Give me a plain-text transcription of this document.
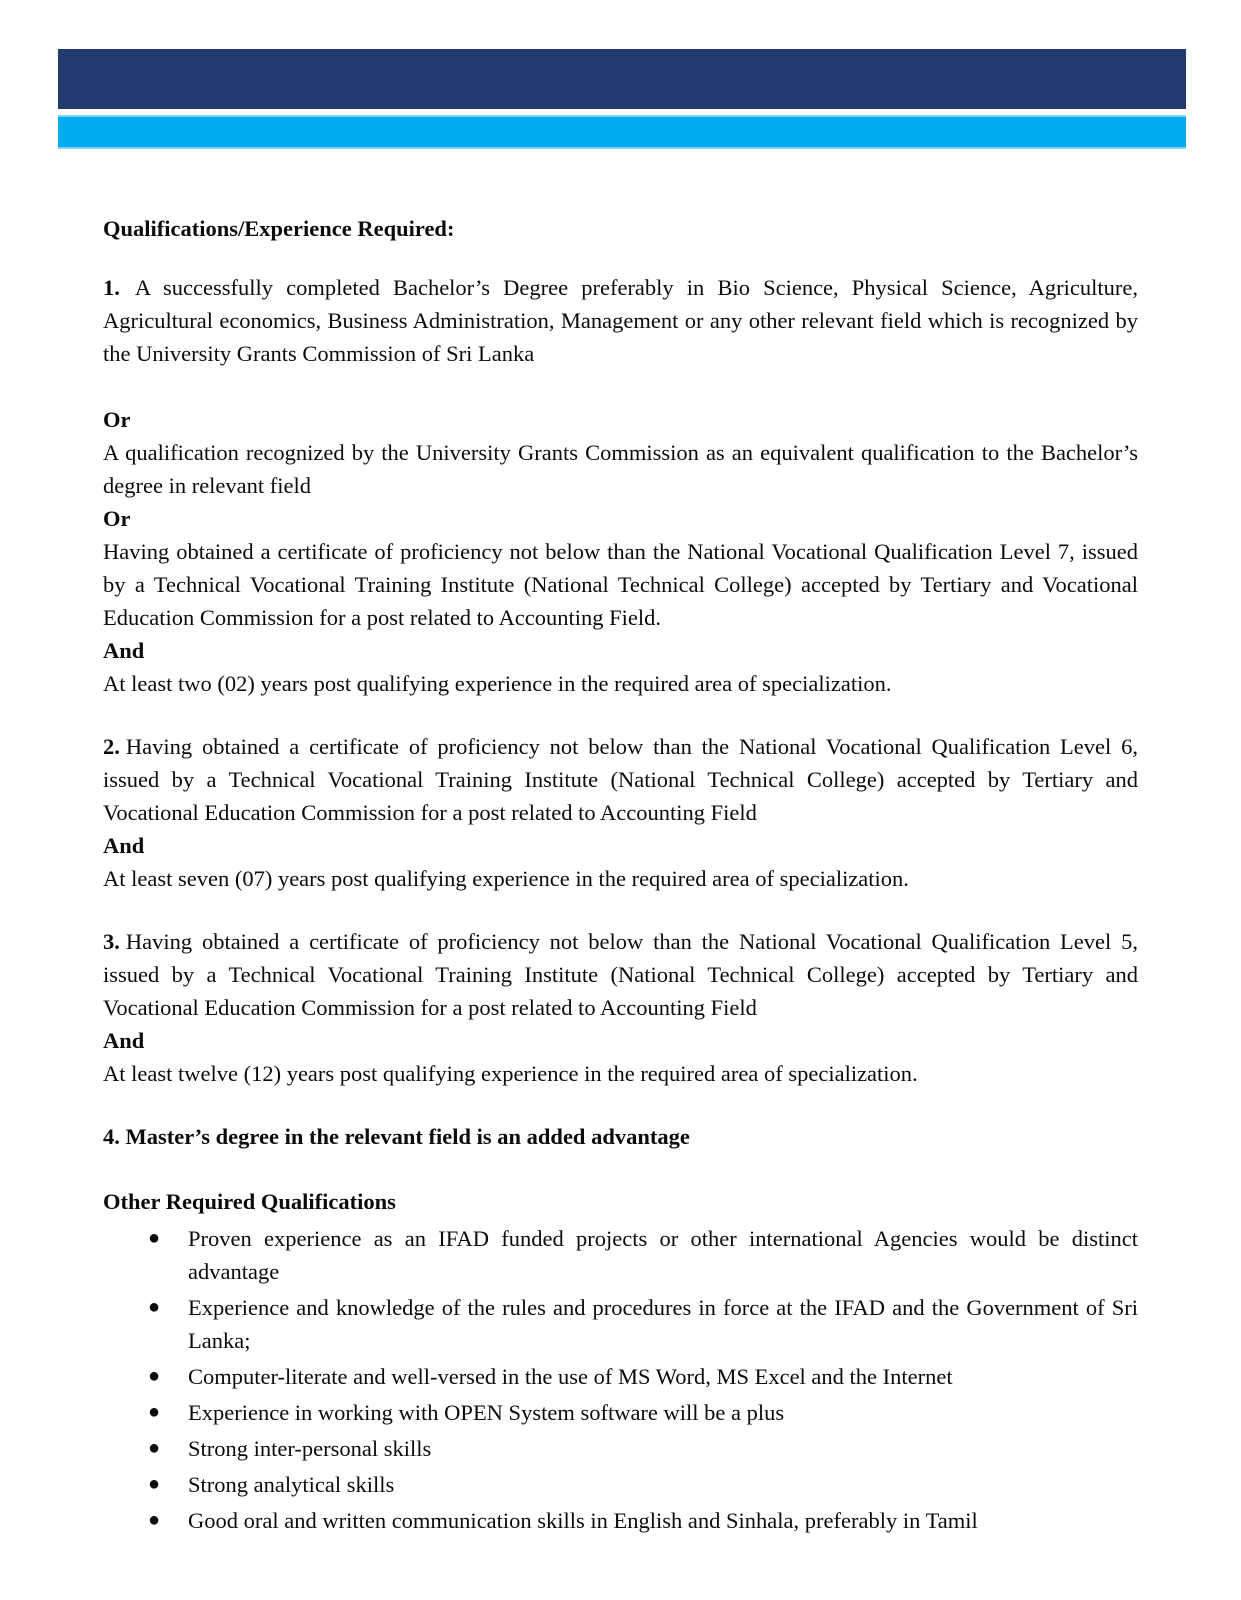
Qualifications/Experience Required:

1. A successfully completed Bachelor’s Degree preferably in Bio Science, Physical Science, Agriculture, Agricultural economics, Business Administration, Management or any other relevant field which is recognized by the University Grants Commission of Sri Lanka

Or

A qualification recognized by the University Grants Commission as an equivalent qualification to the Bachelor’s degree in relevant field

Or

Having obtained a certificate of proficiency not below than the National Vocational Qualification Level 7, issued by a Technical Vocational Training Institute (National Technical College) accepted by Tertiary and Vocational Education Commission for a post related to Accounting Field.

And

At least two (02) years post qualifying experience in the required area of specialization.

2. Having obtained a certificate of proficiency not below than the National Vocational Qualification Level 6, issued by a Technical Vocational Training Institute (National Technical College) accepted by Tertiary and Vocational Education Commission for a post related to Accounting Field

And

At least seven (07) years post qualifying experience in the required area of specialization.

3. Having obtained a certificate of proficiency not below than the National Vocational Qualification Level 5, issued by a Technical Vocational Training Institute (National Technical College) accepted by Tertiary and Vocational Education Commission for a post related to Accounting Field

And

At least twelve (12) years post qualifying experience in the required area of specialization.

4. Master’s degree in the relevant field is an added advantage

Other Required Qualifications

● Proven experience as an IFAD funded projects or other international Agencies would be distinct advantage
● Experience and knowledge of the rules and procedures in force at the IFAD and the Government of Sri Lanka;
● Computer-literate and well-versed in the use of MS Word, MS Excel and the Internet
● Experience in working with OPEN System software will be a plus
● Strong inter-personal skills
● Strong analytical skills
● Good oral and written communication skills in English and Sinhala, preferably in Tamil
